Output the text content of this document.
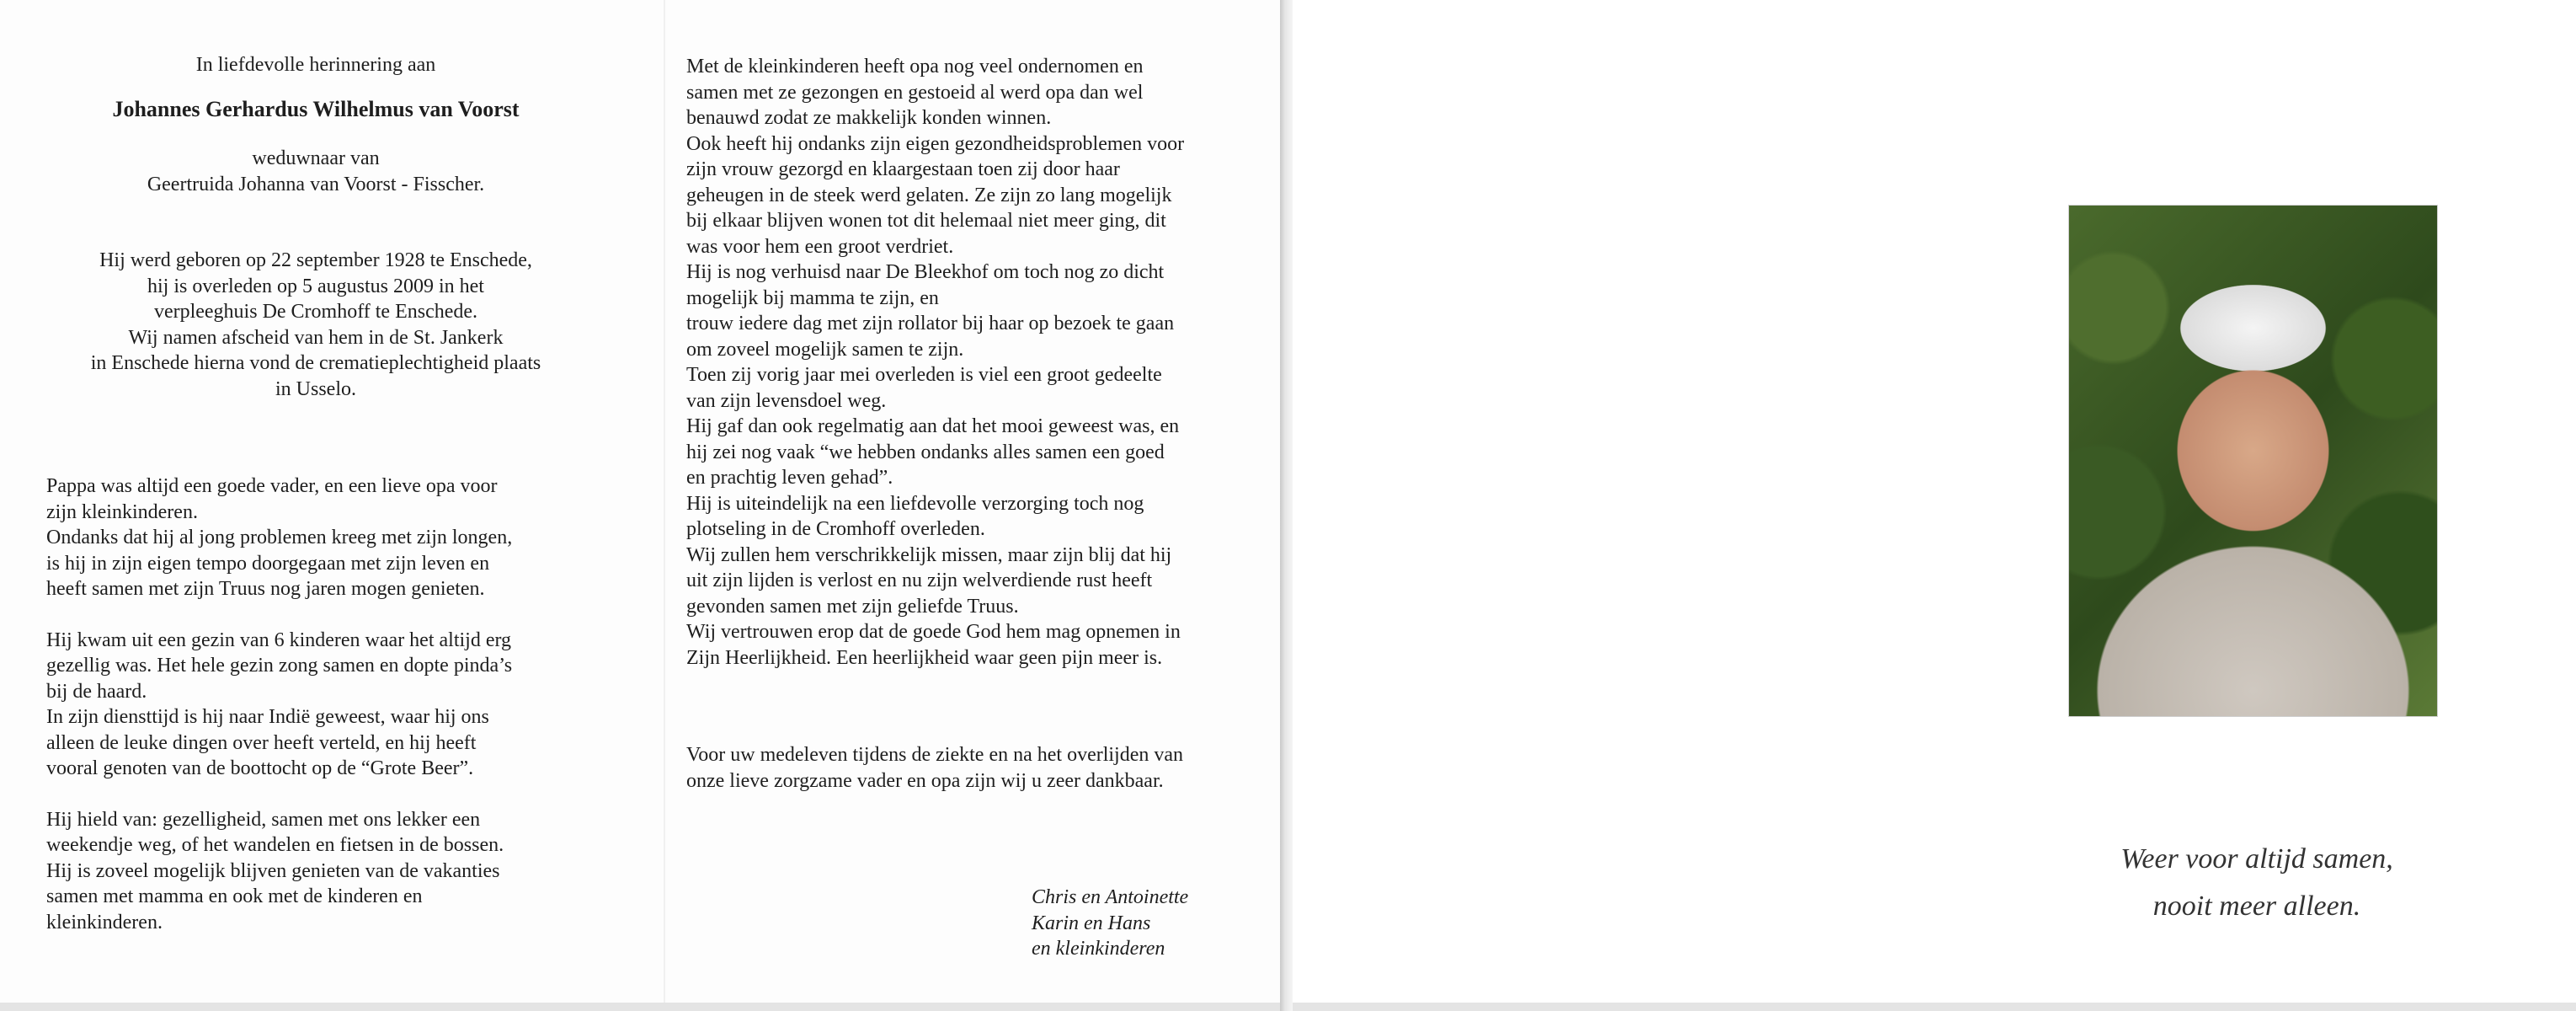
In liefdevolle herinnering aan

Johannes Gerhardus Wilhelmus van Voorst

weduwnaar van

Geertruida Johanna van Voorst - Fisscher.

Hij werd geboren op 22 september 1928 te Enschede,
hij is overleden op 5 augustus 2009 in het
verpleeghuis De Cromhoff te Enschede.
Wij namen afscheid van hem in de St. Jankerk
in Enschede hierna vond de crematieplechtigheid plaats
in Usselo.

Pappa was altijd een goede vader, en een lieve opa voor
zijn kleinkinderen.
Ondanks dat hij al jong problemen kreeg met zijn longen,
is hij in zijn eigen tempo doorgegaan met zijn leven en
heeft samen met zijn Truus nog jaren mogen genieten.

Hij kwam uit een gezin van 6 kinderen waar het altijd erg
gezellig was. Het hele gezin zong samen en dopte pinda’s
bij de haard.
In zijn diensttijd is hij naar Indië geweest, waar hij ons
alleen de leuke dingen over heeft verteld, en hij heeft
vooral genoten van de boottocht op de “Grote Beer”.

Hij hield van: gezelligheid, samen met ons lekker een
weekendje weg, of het wandelen en fietsen in de bossen.
Hij is zoveel mogelijk blijven genieten van de vakanties
samen met mamma en ook met de kinderen en
kleinkinderen.

Met de kleinkinderen heeft opa nog veel ondernomen en
samen met ze gezongen en gestoeid al werd opa dan wel
benauwd zodat ze makkelijk konden winnen.
Ook heeft hij ondanks zijn eigen gezondheidsproblemen voor
zijn vrouw gezorgd en klaargestaan toen zij door haar
geheugen in de steek werd gelaten. Ze zijn zo lang mogelijk
bij elkaar blijven wonen tot dit helemaal niet meer ging, dit
was voor hem een groot verdriet.
Hij is nog verhuisd naar De Bleekhof om toch nog zo dicht
mogelijk bij mamma te zijn, en
trouw iedere dag met zijn rollator bij haar op bezoek te gaan
om zoveel mogelijk samen te zijn.
Toen zij vorig jaar mei overleden is viel een groot gedeelte
van zijn levensdoel weg.
Hij gaf dan ook regelmatig aan dat het mooi geweest was, en
hij zei nog vaak “we hebben ondanks alles samen een goed
en prachtig leven gehad”.
Hij is uiteindelijk na een liefdevolle verzorging toch nog
plotseling in de Cromhoff overleden.
Wij zullen hem verschrikkelijk missen, maar zijn blij dat hij
uit zijn lijden is verlost en nu zijn welverdiende rust heeft
gevonden samen met zijn geliefde Truus.
Wij vertrouwen erop dat de goede God hem mag opnemen in
Zijn Heerlijkheid. Een heerlijkheid waar geen pijn meer is.

Voor uw medeleven tijdens de ziekte en na het overlijden van
onze lieve zorgzame vader en opa zijn wij u zeer dankbaar.

Chris en Antoinette
Karin en Hans
en kleinkinderen

Weer voor altijd samen,
nooit meer alleen.
